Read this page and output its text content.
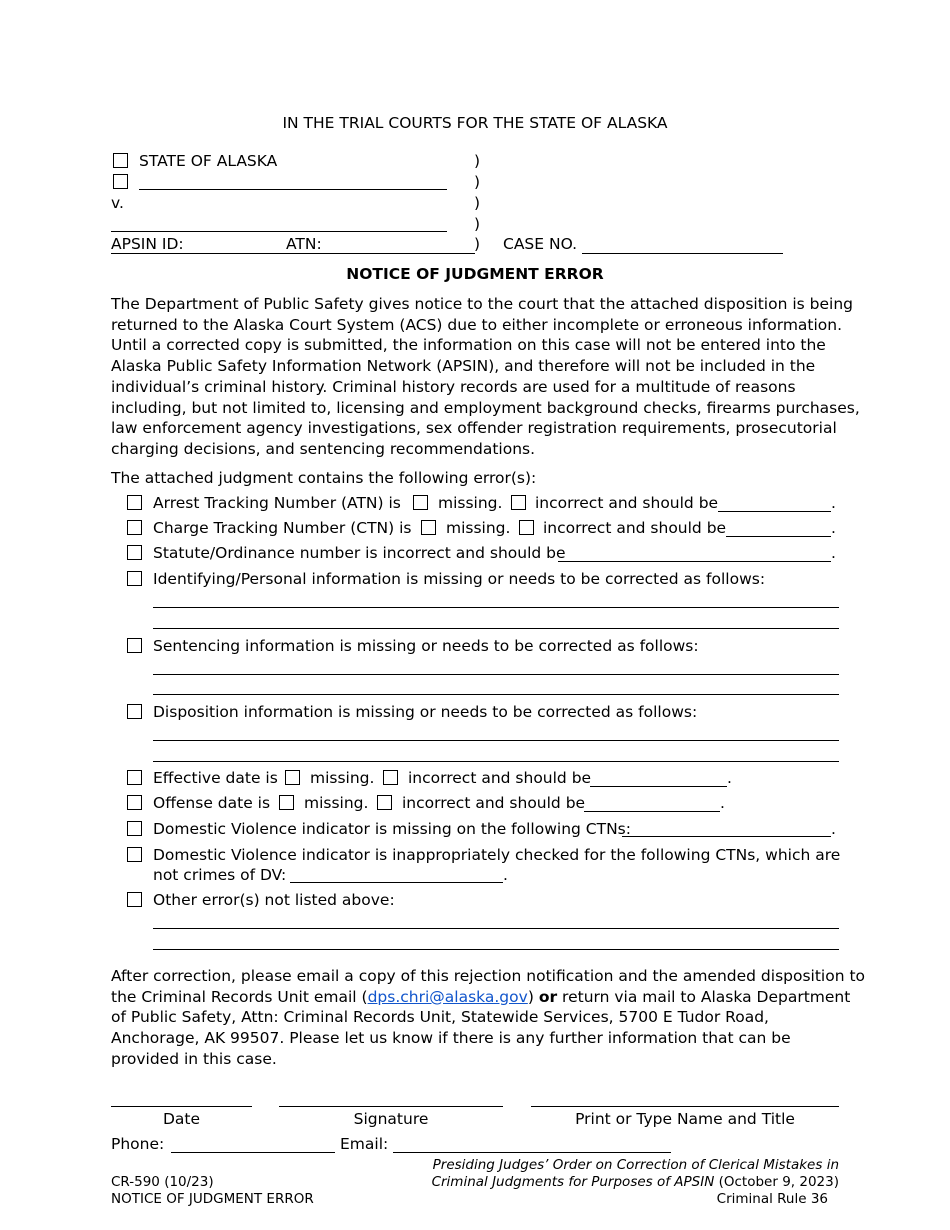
IN THE TRIAL COURTS FOR THE STATE OF ALASKA
STATE OF ALASKA
v.
)
)
)
)
)
APSIN ID:	ATN:	CASE NO.
NOTICE OF JUDGMENT ERROR

The Department of Public Safety gives notice to the court that the attached disposition is being

returned to the Alaska Court System (ACS) due to either incomplete or erroneous information.

Until a corrected copy is submitted, the information on this case will not be entered into the

Alaska Public Safety Information Network (APSIN), and therefore will not be included in the

individual’s criminal history. Criminal history records are used for a multitude of reasons

including, but not limited to, licensing and employment background checks, firearms purchases,

law enforcement agency investigations, sex offender registration requirements, prosecutorial

charging decisions, and sentencing recommendations.

The attached judgment contains the following error(s):
Arrest Tracking Number (ATN) is missing. incorrect and should be	.
Charge Tracking Number (CTN) is missing. incorrect and should be	.
Statute/Ordinance number is incorrect and should be	.
Identifying/Personal information is missing or needs to be corrected as follows:
Sentencing information is missing or needs to be corrected as follows:
Disposition information is missing or needs to be corrected as follows:
Effective date is missing. incorrect and should be	.
Offense date is missing. incorrect and should be	.
Domestic Violence indicator is missing on the following CTNs:	.
Domestic Violence indicator is inappropriately checked for the following CTNs, which are
not crimes of DV:	.
Other error(s) not listed above:

After correction, please email a copy of this rejection notification and the amended disposition to

the Criminal Records Unit email (dps.chri@alaska.gov) or return via mail to Alaska Department

of Public Safety, Attn: Criminal Records Unit, Statewide Services, 5700 E Tudor Road,

Anchorage, AK 99507. Please let us know if there is any further information that can be

provided in this case.

Date	Signature	Print or Type Name and Title
Phone:	Email:
CR-590 (10/23)
NOTICE OF JUDGMENT ERROR
Presiding Judges’ Order on Correction of Clerical Mistakes in
Criminal Judgments for Purposes of APSIN (October 9, 2023)
Criminal Rule 36
